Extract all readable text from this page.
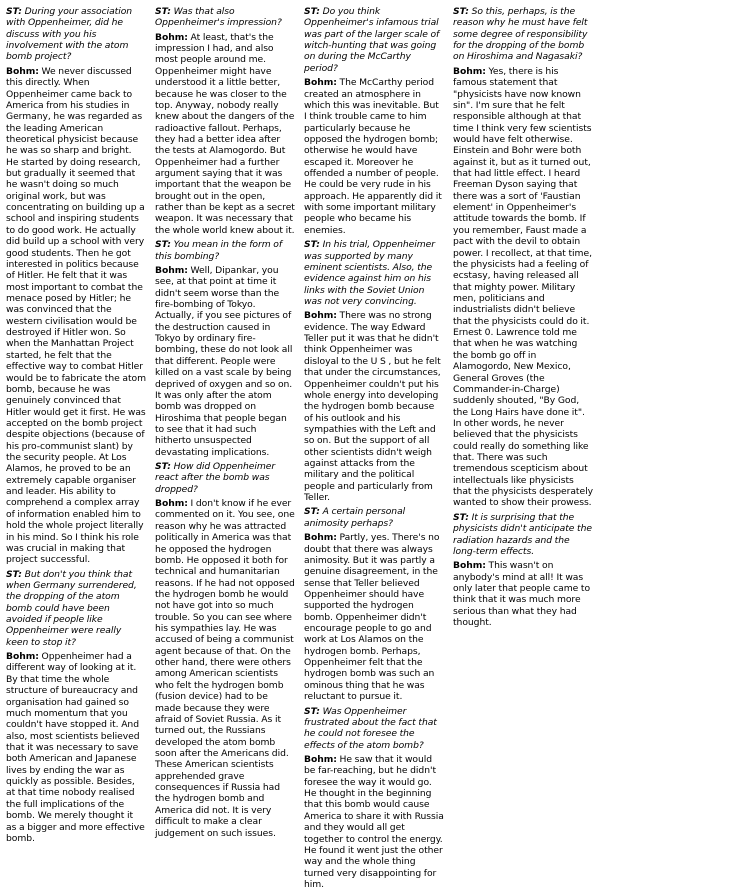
ST: During your association with Oppenheimer, did he discuss with you his involvement with the atom bomb project?

Bohm: We never discussed this directly. When Oppenheimer came back to America from his studies in Germany, he was regarded as the leading American theoretical physicist because he was so sharp and bright. He started by doing research, but gradually it seemed that he wasn't doing so much original work, but was concentrating on building up a school and inspiring students to do good work. He actually did build up a school with very good students. Then he got interested in politics because of Hitler. He felt that it was most important to combat the menace posed by Hitler; he was convinced that the western civilisation would be destroyed if Hitler won. So when the Manhattan Project started, he felt that the effective way to combat Hitler would be to fabricate the atom bomb, because he was genuinely convinced that Hitler would get it first. He was accepted on the bomb project despite objections (because of his pro-communist slant) by the security people. At Los Alamos, he proved to be an extremely capable organiser and leader. His ability to comprehend a complex array of information enabled him to hold the whole project literally in his mind. So I think his role was crucial in making that project successful.

ST: But don't you think that when Germany surrendered, the dropping of the atom bomb could have been avoided if people like Oppenheimer were really keen to stop it?

Bohm: Oppenheimer had a different way of looking at it. By that time the whole structure of bureaucracy and organisation had gained so much momentum that you couldn't have stopped it. And also, most scientists believed that it was necessary to save both American and Japanese lives by ending the war as quickly as possible. Besides, at that time nobody realised the full implications of the bomb. We merely thought it as a bigger and more effective bomb.

ST: Was that also Oppenheimer's impression?

Bohm: At least, that's the impression I had, and also most people around me. Oppenheimer might have understood it a little better, because he was closer to the top. Anyway, nobody really knew about the dangers of the radioactive fallout. Perhaps, they had a better idea after the tests at Alamogordo. But Oppenheimer had a further argument saying that it was important that the weapon be brought out in the open, rather than be kept as a secret weapon. It was necessary that the whole world knew about it.

ST: You mean in the form of this bombing?

Bohm: Well, Dipankar, you see, at that point at time it didn't seem worse than the fire-bombing of Tokyo. Actually, if you see pictures of the destruction caused in Tokyo by ordinary fire-bombing, these do not look all that different. People were killed on a vast scale by being deprived of oxygen and so on. It was only after the atom bomb was dropped on Hiroshima that people began to see that it had such hitherto unsuspected devastating implications.

ST: How did Oppenheimer react after the bomb was dropped?

Bohm: I don't know if he ever commented on it. You see, one reason why he was attracted politically in America was that he opposed the hydrogen bomb. He opposed it both for technical and humanitarian reasons. If he had not opposed the hydrogen bomb he would not have got into so much trouble. So you can see where his sympathies lay. He was accused of being a communist agent because of that. On the other hand, there were others among American scientists who felt the hydrogen bomb (fusion device) had to be made because they were afraid of Soviet Russia. As it turned out, the Russians developed the atom bomb soon after the Americans did. These American scientists apprehended grave consequences if Russia had the hydrogen bomb and America did not. It is very difficult to make a clear judgement on such issues.

ST: Do you think Oppenheimer's infamous trial was part of the larger scale of witch-hunting that was going on during the McCarthy period?

Bohm: The McCarthy period created an atmosphere in which this was inevitable. But I think trouble came to him particularly because he opposed the hydrogen bomb; otherwise he would have escaped it. Moreover he offended a number of people. He could be very rude in his approach. He apparently did it with some important military people who became his enemies.

ST: In his trial, Oppenheimer was supported by many eminent scientists. Also, the evidence against him on his links with the Soviet Union was not very convincing.

Bohm: There was no strong evidence. The way Edward Teller put it was that he didn't think Oppenheimer was disloyal to the U S , but he felt that under the circumstances, Oppenheimer couldn't put his whole energy into developing the hydrogen bomb because of his outlook and his sympathies with the Left and so on. But the support of all other scientists didn't weigh against attacks from the military and the political people and particularly from Teller.

ST: A certain personal animosity perhaps?

Bohm: Partly, yes. There's no doubt that there was always animosity. But it was partly a genuine disagreement, in the sense that Teller believed Oppenheimer should have supported the hydrogen bomb. Oppenheimer didn't encourage people to go and work at Los Alamos on the hydrogen bomb. Perhaps, Oppenheimer felt that the hydrogen bomb was such an ominous thing that he was reluctant to pursue it.

ST: Was Oppenheimer frustrated about the fact that he could not foresee the effects of the atom bomb?

Bohm: He saw that it would be far-reaching, but he didn't foresee the way it would go. He thought in the beginning that this bomb would cause America to share it with Russia and they would all get together to control the energy. He found it went just the other way and the whole thing turned very disappointing for him.

ST: So this, perhaps, is the reason why he must have felt some degree of responsibility for the dropping of the bomb on Hiroshima and Nagasaki?

Bohm: Yes, there is his famous statement that "physicists have now known sin". I'm sure that he felt responsible although at that time I think very few scientists would have felt otherwise. Einstein and Bohr were both against it, but as it turned out, that had little effect. I heard Freeman Dyson saying that there was a sort of 'Faustian element' in Oppenheimer's attitude towards the bomb. If you remember, Faust made a pact with the devil to obtain power. I recollect, at that time, the physicists had a feeling of ecstasy, having released all that mighty power. Military men, politicians and industrialists didn't believe that the physicists could do it. Ernest 0. Lawrence told me that when he was watching the bomb go off in Alamogordo, New Mexico, General Groves (the Commander-in-Charge) suddenly shouted, "By God, the Long Hairs have done it". In other words, he never believed that the physicists could really do something like that. There was such tremendous scepticism about intellectuals like physicists that the physicists desperately wanted to show their prowess.

ST: It is surprising that the physicists didn't anticipate the radiation hazards and the long-term effects.

Bohm: This wasn't on anybody's mind at all! It was only later that people came to think that it was much more serious than what they had thought.
